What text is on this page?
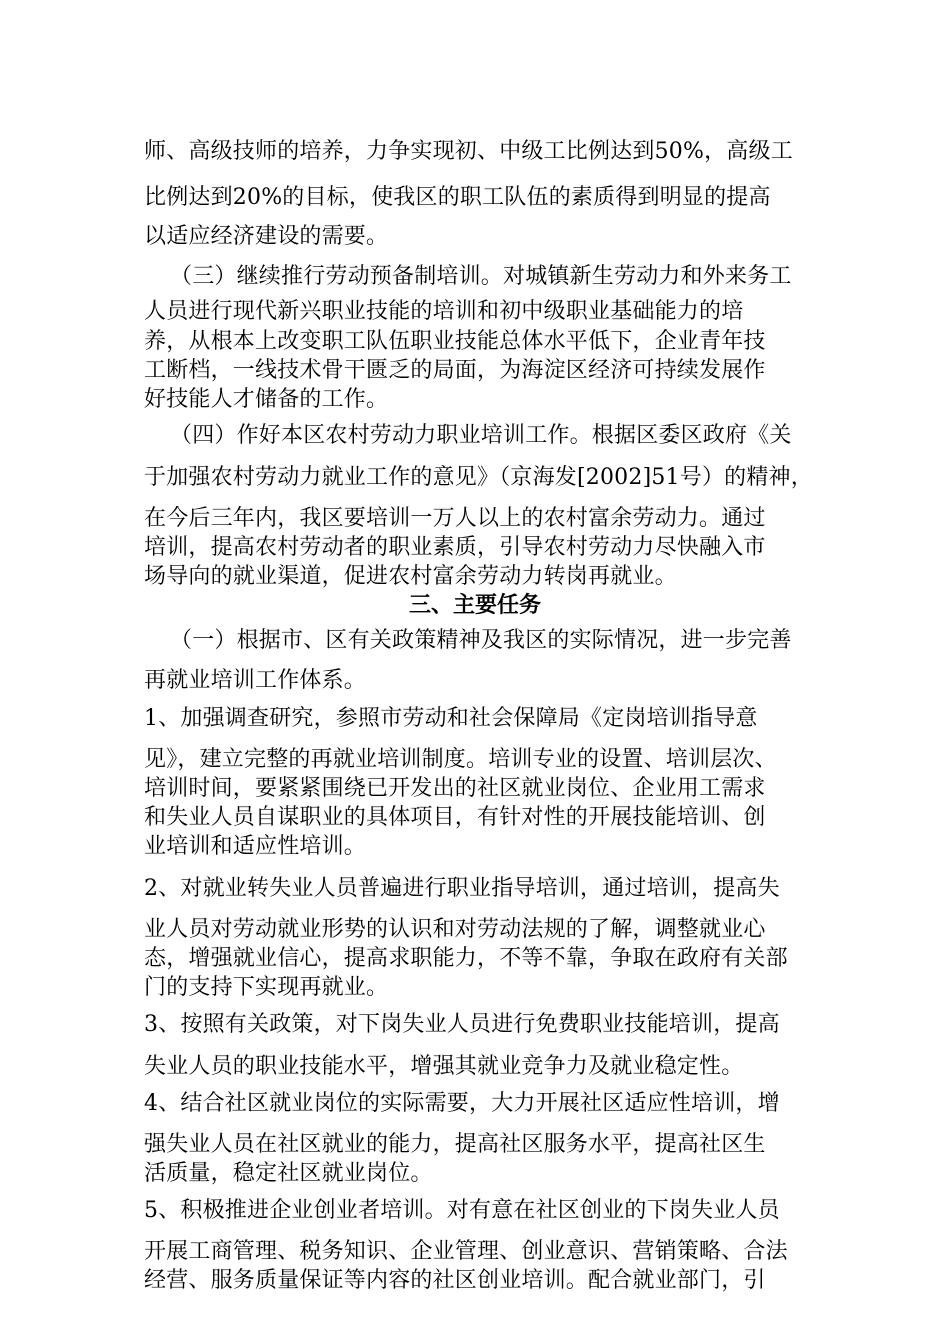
师、高级技师的培养，力争实现初、中级工比例达到50%，高级工
比例达到20%的目标，使我区的职工队伍的素质得到明显的提高
以适应经济建设的需要。
（三）继续推行劳动预备制培训。对城镇新生劳动力和外来务工
人员进行现代新兴职业技能的培训和初中级职业基础能力的培
养，从根本上改变职工队伍职业技能总体水平低下，企业青年技
工断档，一线技术骨干匮乏的局面，为海淀区经济可持续发展作
好技能人才储备的工作。
（四）作好本区农村劳动力职业培训工作。根据区委区政府《关
于加强农村劳动力就业工作的意见》（京海发[2002]51号）的精神，
在今后三年内，我区要培训一万人以上的农村富余劳动力。通过
培训，提高农村劳动者的职业素质，引导农村劳动力尽快融入市
场导向的就业渠道，促进农村富余劳动力转岗再就业。
三、主要任务
（一）根据市、区有关政策精神及我区的实际情况，进一步完善
再就业培训工作体系。
1、加强调查研究，参照市劳动和社会保障局《定岗培训指导意
见》，建立完整的再就业培训制度。培训专业的设置、培训层次、
培训时间，要紧紧围绕已开发出的社区就业岗位、企业用工需求
和失业人员自谋职业的具体项目，有针对性的开展技能培训、创
业培训和适应性培训。
2、对就业转失业人员普遍进行职业指导培训，通过培训，提高失
业人员对劳动就业形势的认识和对劳动法规的了解，调整就业心
态，增强就业信心，提高求职能力，不等不靠，争取在政府有关部
门的支持下实现再就业。
3、按照有关政策，对下岗失业人员进行免费职业技能培训，提高
失业人员的职业技能水平，增强其就业竞争力及就业稳定性。
4、结合社区就业岗位的实际需要，大力开展社区适应性培训，增
强失业人员在社区就业的能力，提高社区服务水平，提高社区生
活质量，稳定社区就业岗位。
5、积极推进企业创业者培训。对有意在社区创业的下岗失业人员
开展工商管理、税务知识、企业管理、创业意识、营销策略、合法
经营、服务质量保证等内容的社区创业培训。配合就业部门，引
